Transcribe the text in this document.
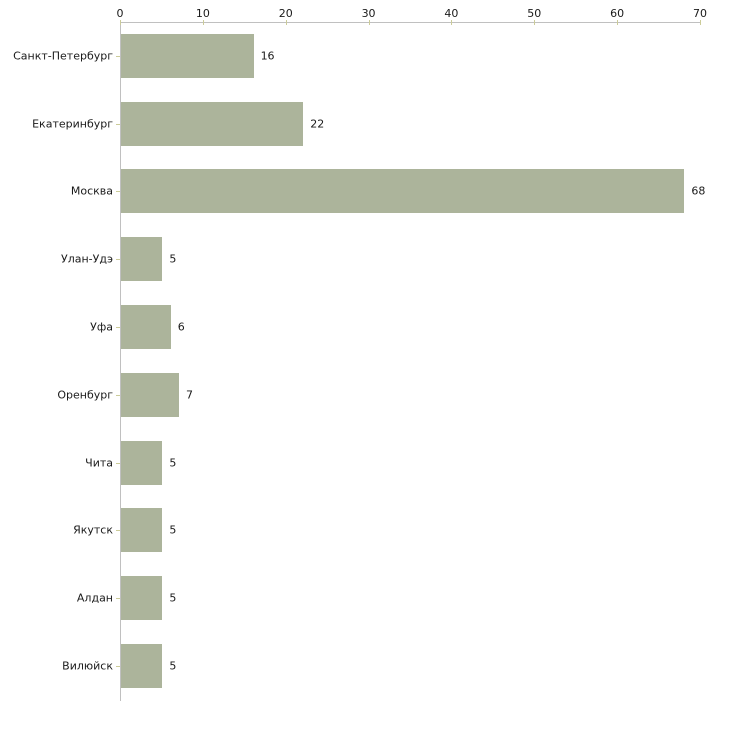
0	10	20	30	40	50	60	70
Санкт-Петербург	16
Екатеринбург	22
Москва	68
Улан-Удэ	5
Уфа	6
Оренбург	7
Чита	5
Якутск	5
Алдан	5
Вилюйск	5
